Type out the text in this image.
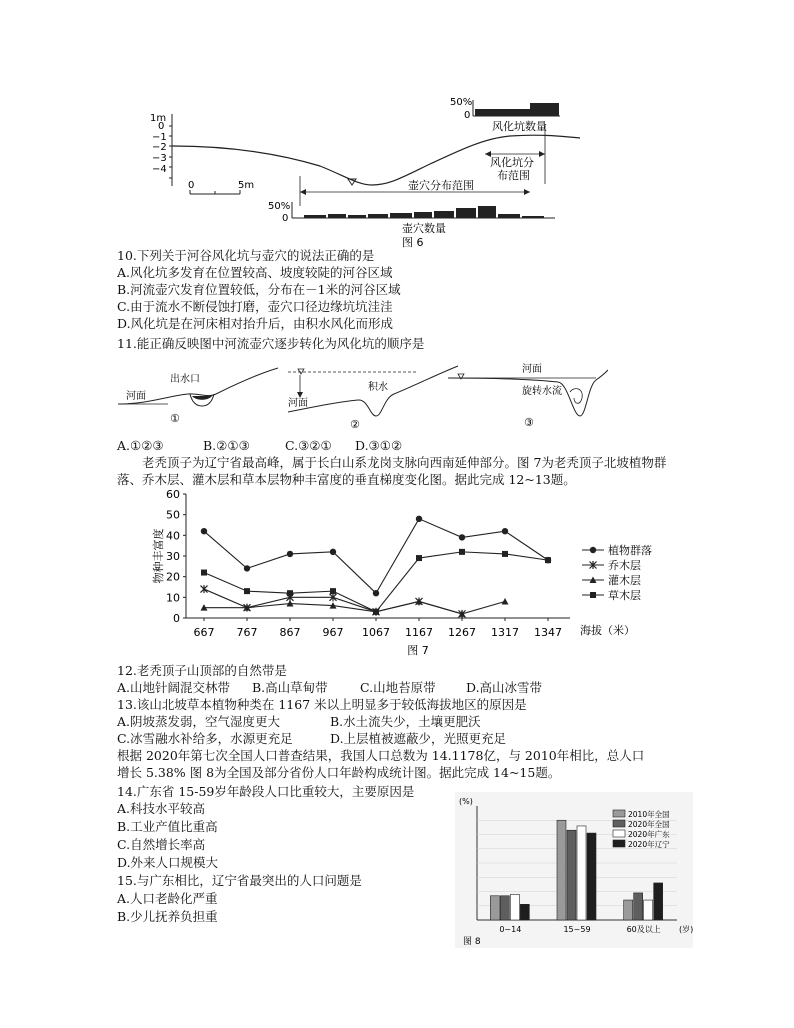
1m
0
−1
−2
−3
−4
0	5m
50%
0
风化坑数量
风化坑分
布范围
壶穴分布范围
50%
0
壶穴数量
图 6
10.下列关于河谷风化坑与壶穴的说法正确的是
A.风化坑多发育在位置较高、坡度较陡的河谷区域
B.河流壶穴发育位置较低，分布在－1米的河谷区域
C.由于流水不断侵蚀打磨，壶穴口径边缘坑坑洼洼
D.风化坑是在河床相对抬升后，由积水风化而形成
11.能正确反映图中河流壶穴逐步转化为风化坑的顺序是
河面
出水口
①
河面
积水
②
河面
旋转水流
③
A.①②③	B.②①③	C.③②① D.③①②
老秃顶子为辽宁省最高峰，属于长白山系龙岗支脉向西南延伸部分。图 7为老秃顶子北坡植物群落、乔木层、灌木层和草本层物种丰富度的垂直梯度变化图。据此完成 12~13题。
0
10
20
30
40
50
60
667 767 867 967 1067 1167 1267 1317 1347
物种丰富度
海拔（米）
图 7
植物群落
乔木层
灌木层
草木层
12.老秃顶子山顶部的自然带是
A.山地针阔混交林带 B.高山草甸带	C.山地苔原带 D.高山冰雪带
13.该山北坡草本植物种类在 1167 米以上明显多于较低海拔地区的原因是
A.阴坡蒸发弱，空气湿度更大	B.水土流失少，土壤更肥沃
C.冰雪融水补给多，水源更充足	D.上层植被遮蔽少，光照更充足
根据 2020年第七次全国人口普查结果，我国人口总数为 14.1178亿，与 2010年相比，总人口
增长 5.38% 图 8为全国及部分省份人口年龄构成统计图。据此完成 14~15题。
14.广东省 15-59岁年龄段人口比重较大，主要原因是
A.科技水平较高
B.工业产值比重高
C.自然增长率高
D.外来人口规模大
15.与广东相比，辽宁省最突出的人口问题是
A.人口老龄化严重
B.少儿抚养负担重
(%)
0~14	15~59	60及以上 (岁)
2010年全国
2020年全国
2020年广东
2020年辽宁
图 8
